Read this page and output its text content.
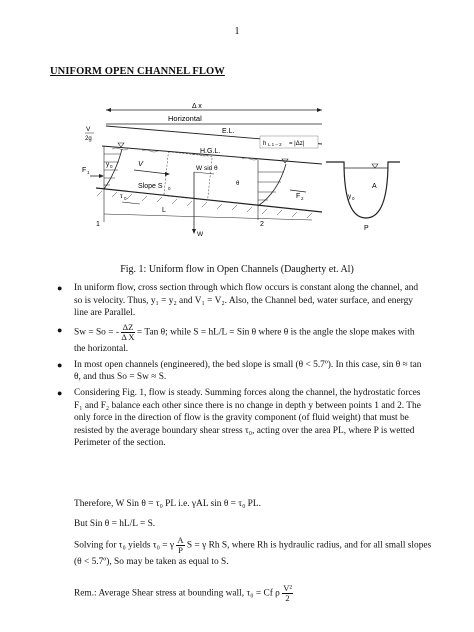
1
UNIFORM OPEN CHANNEL FLOW
Δ x
Horizontal
E.L.
V
2g
h L 1 – 2 = |Δz|
H.G.L.
F 1
y 0	V
W
W sin θ
θ
Slope S 0
τ 0
L
1	2
F 2
A
y 0
P
Fig. 1: Uniform flow in Open Channels (Daugherty et. Al)
● In uniform flow, cross section through which flow occurs is constant along the channel, and so is velocity. Thus, y₁ = y₂ and V₁ = V₂. Also, the Channel bed, water surface, and energy line are Parallel.
● Sw = So = - $\frac{\Delta Z}{\text{Δ X}}$ = Tan θ; while S = hL/L = Sin θ where θ is the angle the slope makes with the horizontal.
● In most open channels (engineered), the bed slope is small (θ < 5.7º). In this case, sin θ ≈ tan θ, and thus So = Sw ≈ S.
● Considering Fig. 1, flow is steady. Summing forces along the channel, the hydrostatic forces F₁ and F₂ balance each other since there is no change in depth y between points 1 and 2. The only force in the direction of flow is the gravity component (of fluid weight) that must be resisted by the average boundary shear stress τ₀, acting over the area PL, where P is wetted Perimeter of the section.
Therefore, W Sin θ = τ₀ PL i.e. γAL sin θ = τ₀ PL.
But Sin θ = hL/L = S.
Solving for τ₀ yields τ₀ = γ $\frac{A}{P}$ S = γ Rh S, where Rh is hydraulic radius, and for all small slopes (θ < 5.7º), So may be taken as equal to S.
Rem.: Average Shear stress at bounding wall, τ₀ = Cf ρ $\frac{\text{V²}}{2}$
